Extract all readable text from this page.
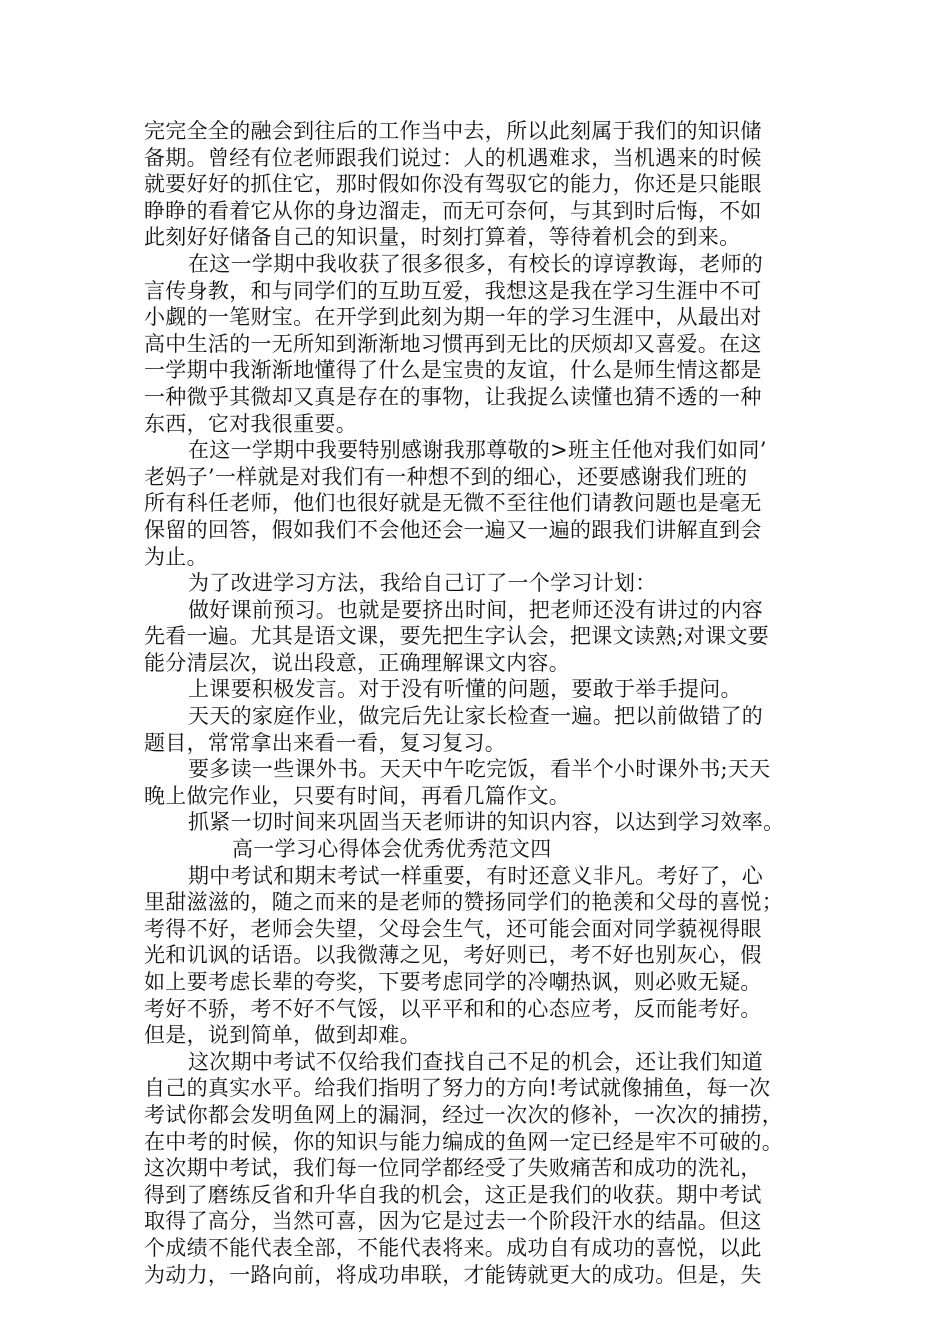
完完全全的融会到往后的工作当中去，所以此刻属于我们的知识储
备期。曾经有位老师跟我们说过：人的机遇难求，当机遇来的时候
就要好好的抓住它，那时假如你没有驾驭它的能力，你还是只能眼
睁睁的看着它从你的身边溜走，而无可奈何，与其到时后悔，不如
此刻好好储备自己的知识量，时刻打算着，等待着机会的到来。
在这一学期中我收获了很多很多，有校长的谆谆教诲，老师的
言传身教，和与同学们的互助互爱，我想这是我在学习生涯中不可
小觑的一笔财宝。在开学到此刻为期一年的学习生涯中，从最出对
高中生活的一无所知到渐渐地习惯再到无比的厌烦却又喜爱。在这
一学期中我渐渐地懂得了什么是宝贵的友谊，什么是师生情这都是
一种微乎其微却又真是存在的事物，让我捉么读懂也猜不透的一种
东西，它对我很重要。
在这一学期中我要特别感谢我那尊敬的>班主任他对我们如同’
老妈子’一样就是对我们有一种想不到的细心，还要感谢我们班的
所有科任老师，他们也很好就是无微不至往他们请教问题也是毫无
保留的回答，假如我们不会他还会一遍又一遍的跟我们讲解直到会
为止。
为了改进学习方法，我给自己订了一个学习计划：
做好课前预习。也就是要挤出时间，把老师还没有讲过的内容
先看一遍。尤其是语文课，要先把生字认会，把课文读熟;对课文要
能分清层次，说出段意，正确理解课文内容。
上课要积极发言。对于没有听懂的问题，要敢于举手提问。
天天的家庭作业，做完后先让家长检查一遍。把以前做错了的
题目，常常拿出来看一看，复习复习。
要多读一些课外书。天天中午吃完饭，看半个小时课外书;天天
晚上做完作业，只要有时间，再看几篇作文。
抓紧一切时间来巩固当天老师讲的知识内容，以达到学习效率。
高一学习心得体会优秀优秀范文四
期中考试和期末考试一样重要，有时还意义非凡。考好了，心
里甜滋滋的，随之而来的是老师的赞扬同学们的艳羡和父母的喜悦；
考得不好，老师会失望，父母会生气，还可能会面对同学藐视得眼
光和讥讽的话语。以我微薄之见，考好则已，考不好也别灰心，假
如上要考虑长辈的夸奖，下要考虑同学的冷嘲热讽，则必败无疑。
考好不骄，考不好不气馁，以平平和和的心态应考，反而能考好。
但是，说到简单，做到却难。
这次期中考试不仅给我们查找自己不足的机会，还让我们知道
自己的真实水平。给我们指明了努力的方向!考试就像捕鱼，每一次
考试你都会发明鱼网上的漏洞，经过一次次的修补，一次次的捕捞，
在中考的时候，你的知识与能力编成的鱼网一定已经是牢不可破的。
这次期中考试，我们每一位同学都经受了失败痛苦和成功的洗礼，
得到了磨练反省和升华自我的机会，这正是我们的收获。期中考试
取得了高分，当然可喜，因为它是过去一个阶段汗水的结晶。但这
个成绩不能代表全部，不能代表将来。成功自有成功的喜悦，以此
为动力，一路向前，将成功串联，才能铸就更大的成功。但是，失
